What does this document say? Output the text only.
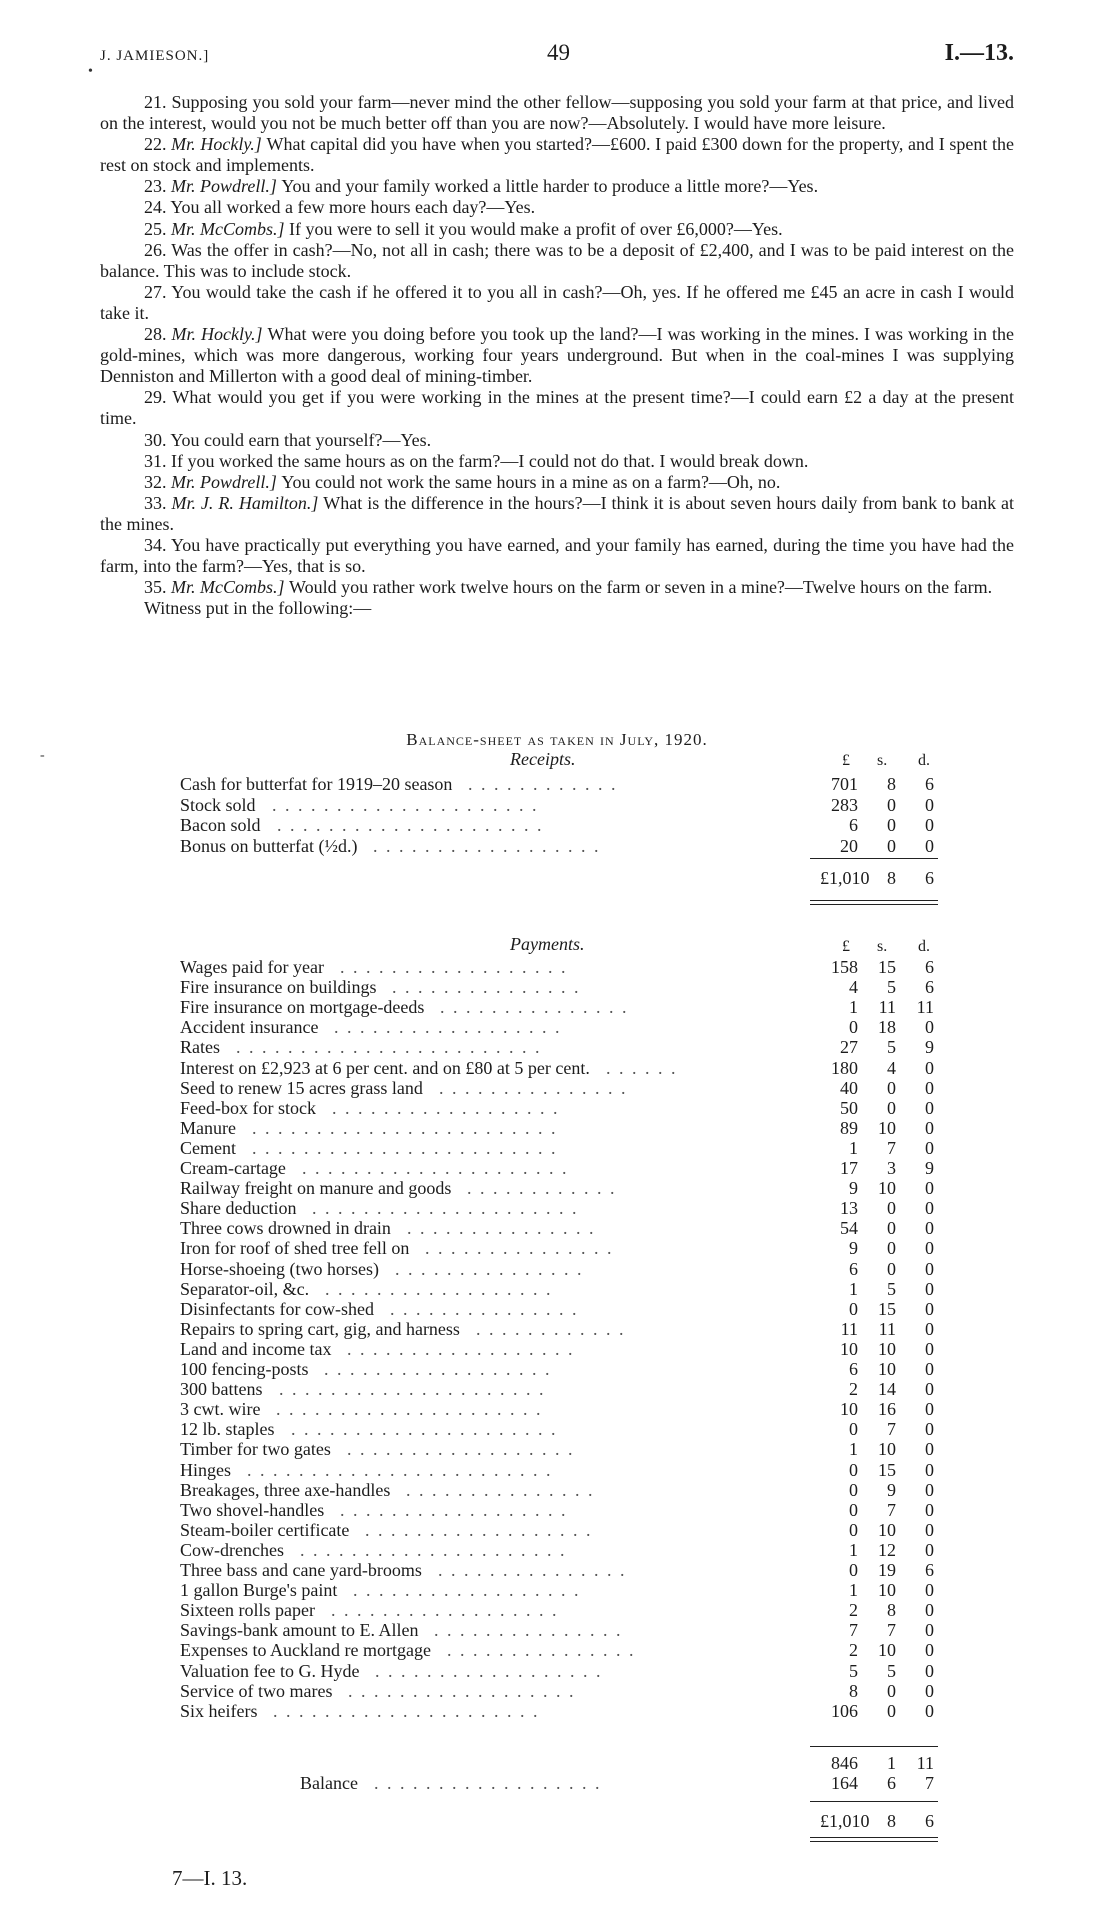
J. JAMIESON.]	49	I.—13.
•
-

21. Supposing you sold your farm—never mind the other fellow—supposing you sold your farm at that price, and lived on the interest, would you not be much better off than you are now?—Absolutely. I would have more leisure.

22. Mr. Hockly.] What capital did you have when you started?—£600. I paid £300 down for the property, and I spent the rest on stock and implements.

23. Mr. Powdrell.] You and your family worked a little harder to produce a little more?—Yes.

24. You all worked a few more hours each day?—Yes.

25. Mr. McCombs.] If you were to sell it you would make a profit of over £6,000?—Yes.

26. Was the offer in cash?—No, not all in cash; there was to be a deposit of £2,400, and I was to be paid interest on the balance. This was to include stock.

27. You would take the cash if he offered it to you all in cash?—Oh, yes. If he offered me £45 an acre in cash I would take it.

28. Mr. Hockly.] What were you doing before you took up the land?—I was working in the mines. I was working in the gold-mines, which was more dangerous, working four years underground. But when in the coal-mines I was supplying Denniston and Millerton with a good deal of mining-timber.

29. What would you get if you were working in the mines at the present time?—I could earn £2 a day at the present time.

30. You could earn that yourself?—Yes.

31. If you worked the same hours as on the farm?—I could not do that. I would break down.

32. Mr. Powdrell.] You could not work the same hours in a mine as on a farm?—Oh, no.

33. Mr. J. R. Hamilton.] What is the difference in the hours?—I think it is about seven hours daily from bank to bank at the mines.

34. You have practically put everything you have earned, and your family has earned, during the time you have had the farm, into the farm?—Yes, that is so.

35. Mr. McCombs.] Would you rather work twelve hours on the farm or seven in a mine?—Twelve hours on the farm.

Witness put in the following:—

Balance-sheet as taken in July, 1920.
Receipts.	£ s. d.
Cash for butterfat for 1919–20 season . . . . . . . . . . . .	701	8	6
Stock sold . . . . . . . . . . . . . . . . . . . . .	283	0	0
Bacon sold . . . . . . . . . . . . . . . . . . . . .	6	0	0
Bonus on butterfat (½d.) . . . . . . . . . . . . . . . . . .	20	0	0
£1,010 8	6
Payments.	£ s. d.
Wages paid for year . . . . . . . . . . . . . . . . . .	158	15	6
Fire insurance on buildings . . . . . . . . . . . . . . .	4	5	6
Fire insurance on mortgage-deeds . . . . . . . . . . . . . . .	1	11	11
Accident insurance . . . . . . . . . . . . . . . . . .	0	18	0
Rates . . . . . . . . . . . . . . . . . . . . . . . .	27	5	9
Interest on £2,923 at 6 per cent. and on £80 at 5 per cent. . . . . . .	180	4	0
Seed to renew 15 acres grass land . . . . . . . . . . . . . . .	40	0	0
Feed-box for stock . . . . . . . . . . . . . . . . . .	50	0	0
Manure . . . . . . . . . . . . . . . . . . . . . . . .	89	10	0
Cement . . . . . . . . . . . . . . . . . . . . . . . .	1	7	0
Cream-cartage . . . . . . . . . . . . . . . . . . . . .	17	3	9
Railway freight on manure and goods . . . . . . . . . . . .	9	10	0
Share deduction . . . . . . . . . . . . . . . . . . . . .	13	0	0
Three cows drowned in drain . . . . . . . . . . . . . . .	54	0	0
Iron for roof of shed tree fell on . . . . . . . . . . . . . . .	9	0	0
Horse-shoeing (two horses) . . . . . . . . . . . . . . .	6	0	0
Separator-oil, &c. . . . . . . . . . . . . . . . . . .	1	5	0
Disinfectants for cow-shed . . . . . . . . . . . . . . .	0	15	0
Repairs to spring cart, gig, and harness . . . . . . . . . . . .	11	11	0
Land and income tax . . . . . . . . . . . . . . . . . .	10	10	0
100 fencing-posts . . . . . . . . . . . . . . . . . .	6	10	0
300 battens . . . . . . . . . . . . . . . . . . . . .	2	14	0
3 cwt. wire . . . . . . . . . . . . . . . . . . . . .	10	16	0
12 lb. staples . . . . . . . . . . . . . . . . . . . . .	0	7	0
Timber for two gates . . . . . . . . . . . . . . . . . .	1	10	0
Hinges . . . . . . . . . . . . . . . . . . . . . . . .	0	15	0
Breakages, three axe-handles . . . . . . . . . . . . . . .	0	9	0
Two shovel-handles . . . . . . . . . . . . . . . . . .	0	7	0
Steam-boiler certificate . . . . . . . . . . . . . . . . . .	0	10	0
Cow-drenches . . . . . . . . . . . . . . . . . . . . .	1	12	0
Three bass and cane yard-brooms . . . . . . . . . . . . . . .	0	19	6
1 gallon Burge's paint . . . . . . . . . . . . . . . . . .	1	10	0
Sixteen rolls paper . . . . . . . . . . . . . . . . . .	2	8	0
Savings-bank amount to E. Allen . . . . . . . . . . . . . . .	7	7	0
Expenses to Auckland re mortgage . . . . . . . . . . . . . . .	2	10	0
Valuation fee to G. Hyde . . . . . . . . . . . . . . . . . .	5	5	0
Service of two mares . . . . . . . . . . . . . . . . . .	8	0	0
Six heifers . . . . . . . . . . . . . . . . . . . . .	106	0	0
846	1	11
Balance . . . . . . . . . . . . . . . . . .	164	6	7
£1,010 8	6
7—I. 13.
